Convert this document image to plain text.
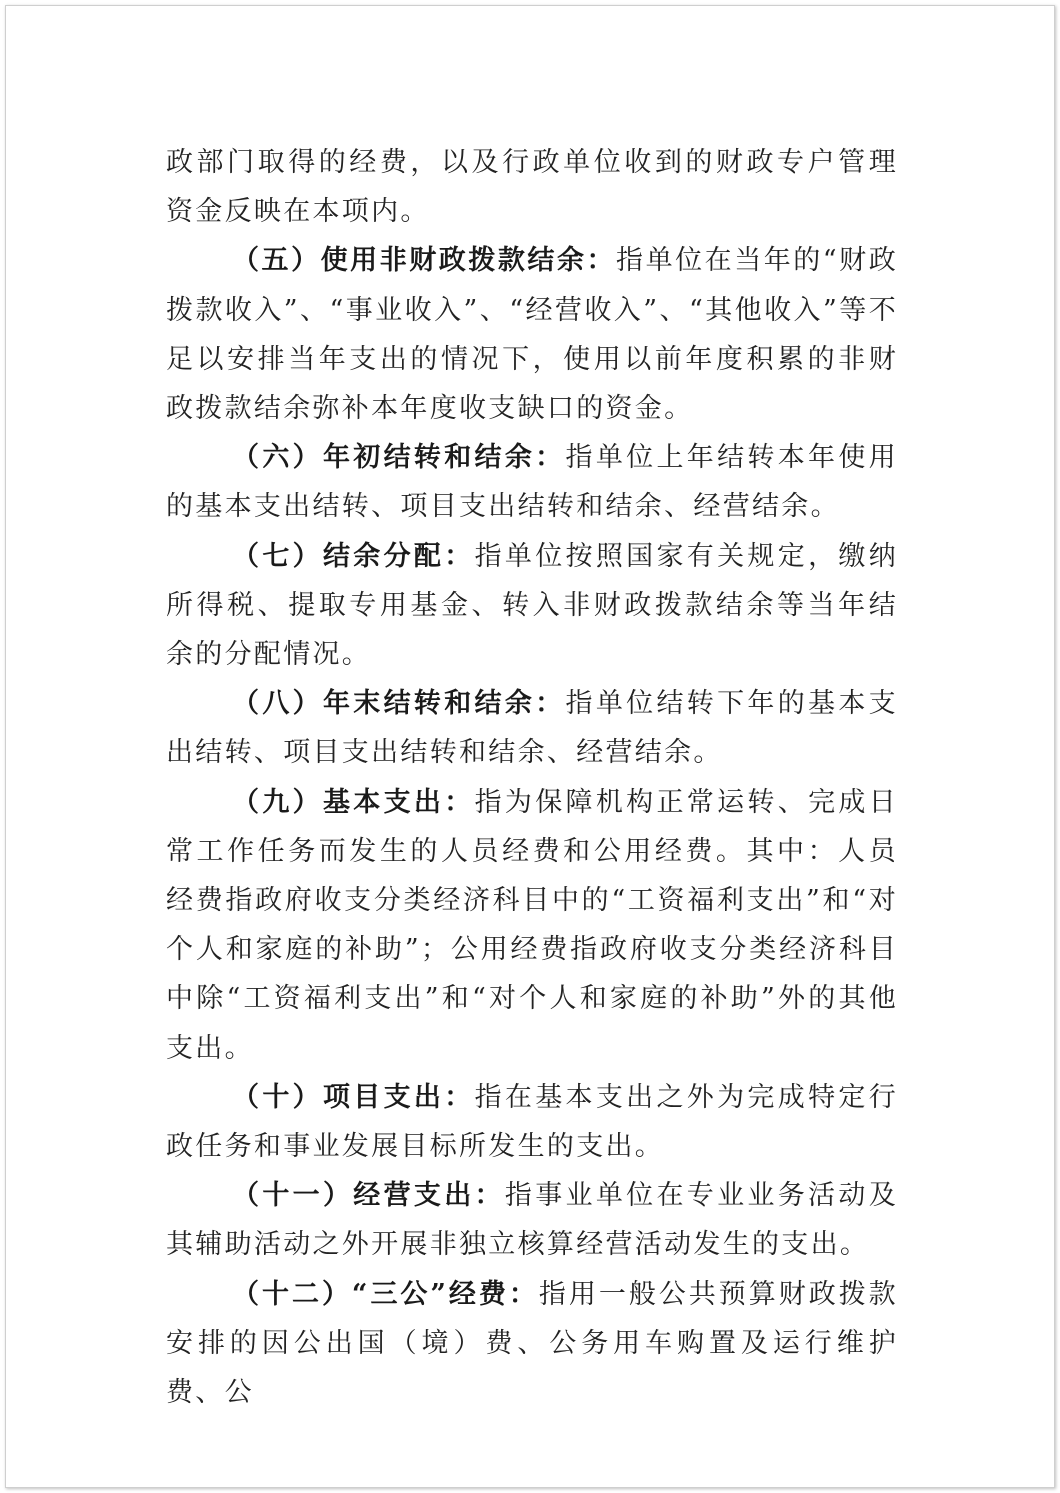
政部门取得的经费，以及行政单位收到的财政专户管理资金反映在本项内。

（五）使用非财政拨款结余：指单位在当年的“财政拨款收入”、“事业收入”、“经营收入”、“其他收入”等不足以安排当年支出的情况下，使用以前年度积累的非财政拨款结余弥补本年度收支缺口的资金。

（六）年初结转和结余：指单位上年结转本年使用的基本支出结转、项目支出结转和结余、经营结余。

（七）结余分配：指单位按照国家有关规定，缴纳所得税、提取专用基金、转入非财政拨款结余等当年结余的分配情况。

（八）年末结转和结余：指单位结转下年的基本支出结转、项目支出结转和结余、经营结余。

（九）基本支出：指为保障机构正常运转、完成日常工作任务而发生的人员经费和公用经费。其中：人员经费指政府收支分类经济科目中的“工资福利支出”和“对个人和家庭的补助”；公用经费指政府收支分类经济科目中除“工资福利支出”和“对个人和家庭的补助”外的其他支出。

（十）项目支出：指在基本支出之外为完成特定行政任务和事业发展目标所发生的支出。

（十一）经营支出：指事业单位在专业业务活动及其辅助活动之外开展非独立核算经营活动发生的支出。

（十二）“三公”经费：指用一般公共预算财政拨款安排的因公出国（境）费、公务用车购置及运行维护费、公
